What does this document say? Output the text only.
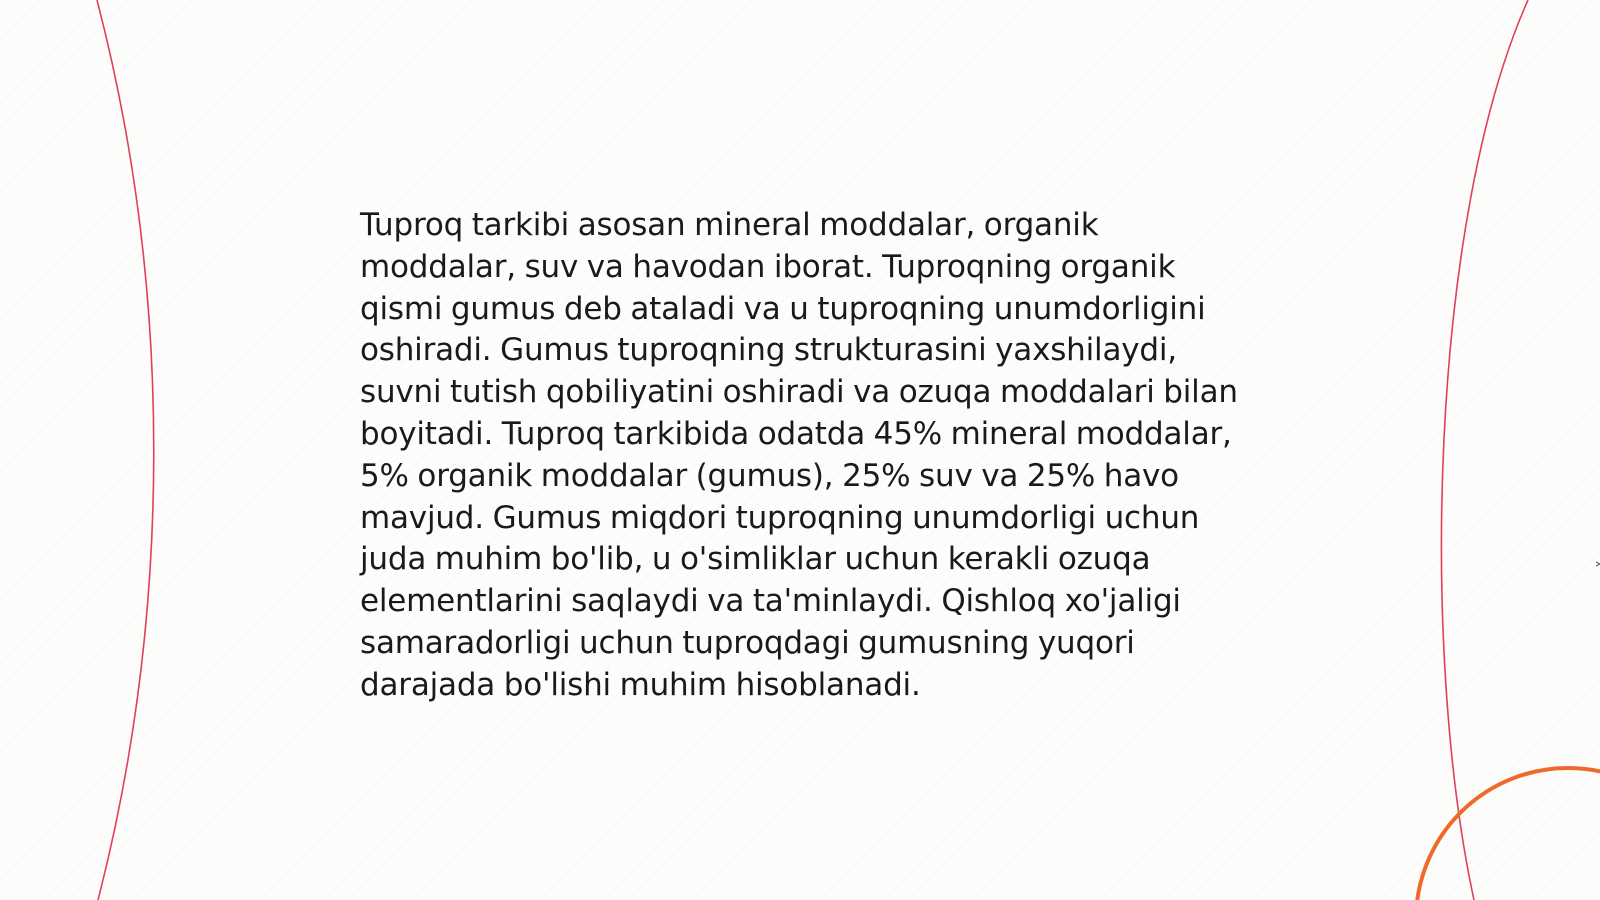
Tuproq tarkibi asosan mineral moddalar, organik moddalar, suv va havodan iborat. Tuproqning organik qismi gumus deb ataladi va u tuproqning unumdorligini oshiradi. Gumus tuproqning strukturasini yaxshilaydi, suvni tutish qobiliyatini oshiradi va ozuqa moddalari bilan boyitadi. Tuproq tarkibida odatda 45% mineral moddalar, 5% organik moddalar (gumus), 25% suv va 25% havo mavjud. Gumus miqdori tuproqning unumdorligi uchun juda muhim bo'lib, u o'simliklar uchun kerakli ozuqa elementlarini saqlaydi va ta'minlaydi. Qishloq xo'jaligi samaradorligi uchun tuproqdagi gumusning yuqori darajada bo'lishi muhim hisoblanadi.
